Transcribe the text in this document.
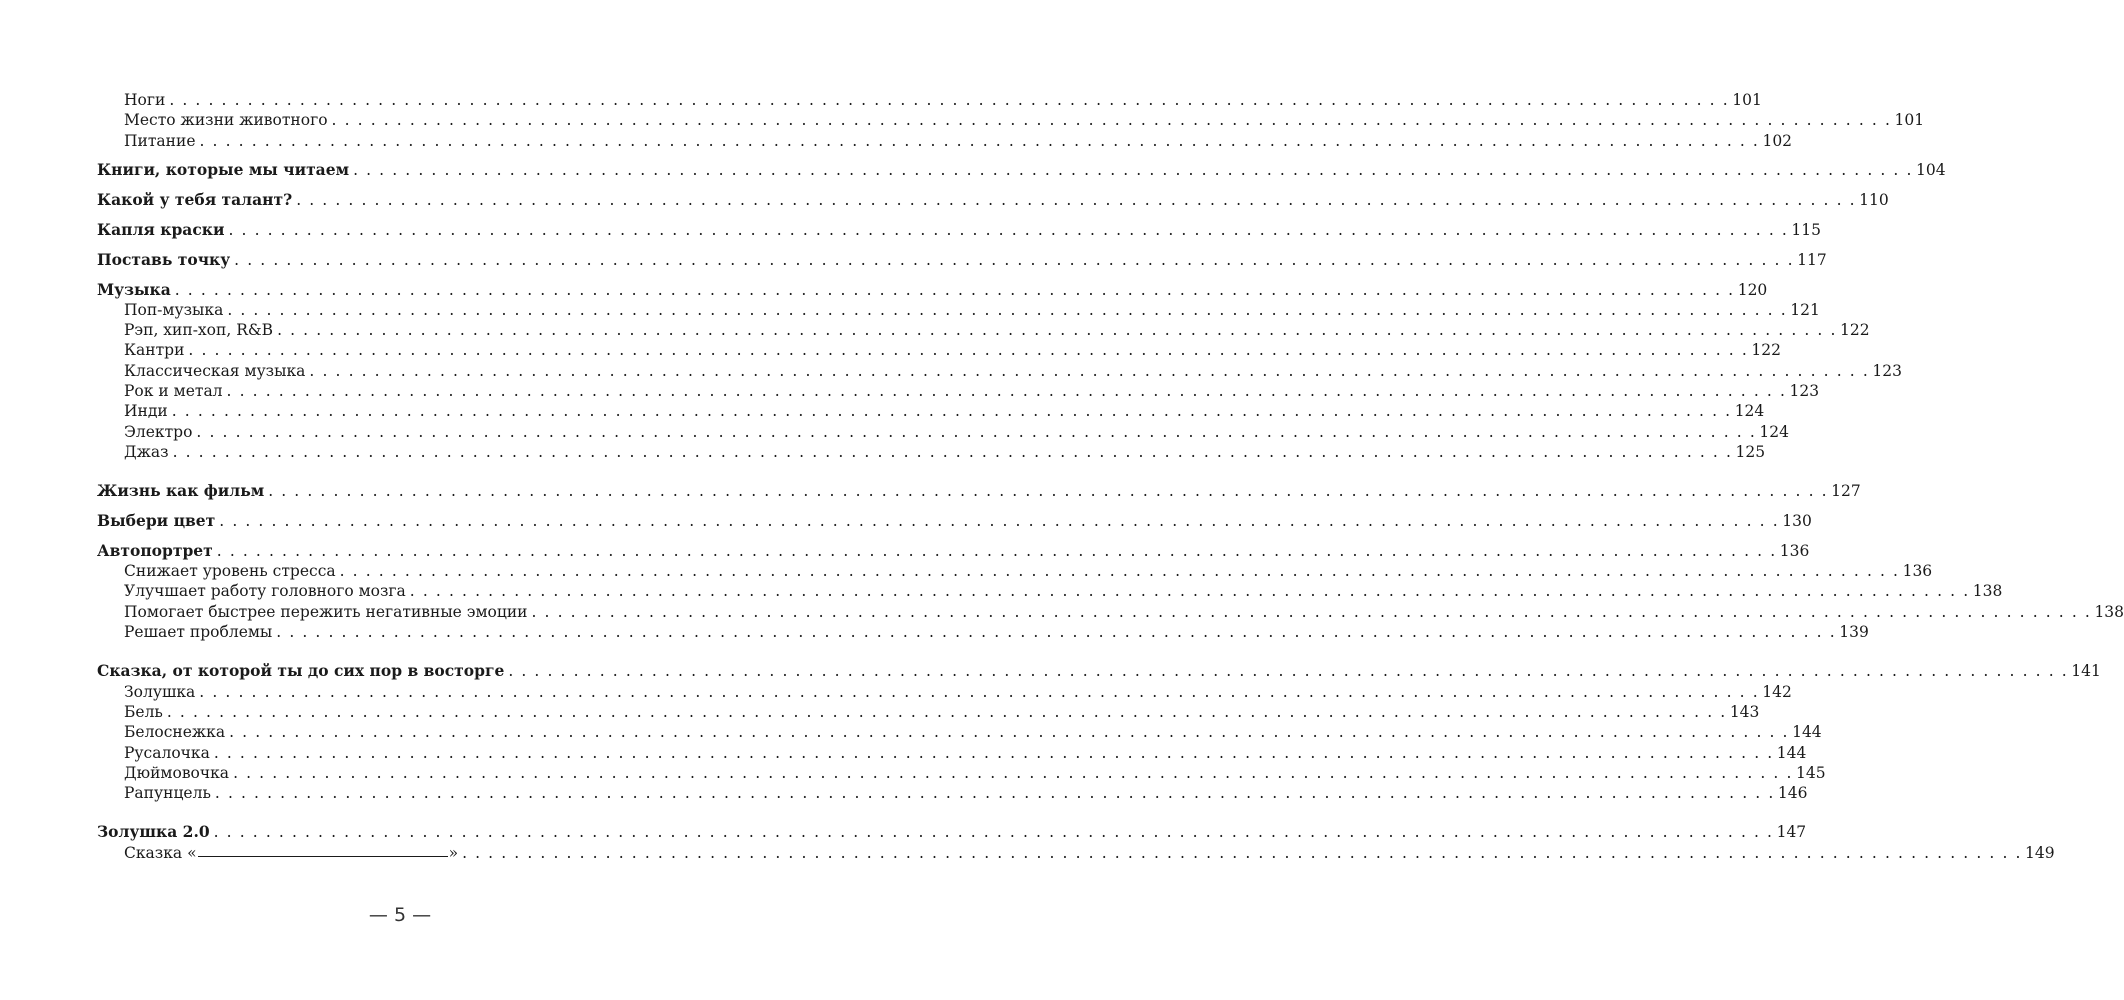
Ноги . . . . . . . . . . . . . . . . . . . . . . . . . . . . . . . . . . . . . . . . . . . . . . . . . . . . . . . . . . . . . . . . . . . . . . . . . . . . . . . . . . . . . . . . . . . . . . . . . . . . . . . . . . . . . . . . . . . . . . . . 101
Место жизни животного . . . . . . . . . . . . . . . . . . . . . . . . . . . . . . . . . . . . . . . . . . . . . . . . . . . . . . . . . . . . . . . . . . . . . . . . . . . . . . . . . . . . . . . . . . . . . . . . . . . . . . . . . . . . . . . . . . . . . . . . 101
Питание . . . . . . . . . . . . . . . . . . . . . . . . . . . . . . . . . . . . . . . . . . . . . . . . . . . . . . . . . . . . . . . . . . . . . . . . . . . . . . . . . . . . . . . . . . . . . . . . . . . . . . . . . . . . . . . . . . . . . . . . 102
Книги, которые мы читаем . . . . . . . . . . . . . . . . . . . . . . . . . . . . . . . . . . . . . . . . . . . . . . . . . . . . . . . . . . . . . . . . . . . . . . . . . . . . . . . . . . . . . . . . . . . . . . . . . . . . . . . . . . . . . . . . . . . . . . . . 104
Какой у тебя талант? . . . . . . . . . . . . . . . . . . . . . . . . . . . . . . . . . . . . . . . . . . . . . . . . . . . . . . . . . . . . . . . . . . . . . . . . . . . . . . . . . . . . . . . . . . . . . . . . . . . . . . . . . . . . . . . . . . . . . . . . 110
Капля краски . . . . . . . . . . . . . . . . . . . . . . . . . . . . . . . . . . . . . . . . . . . . . . . . . . . . . . . . . . . . . . . . . . . . . . . . . . . . . . . . . . . . . . . . . . . . . . . . . . . . . . . . . . . . . . . . . . . . . . . . 115
Поставь точку . . . . . . . . . . . . . . . . . . . . . . . . . . . . . . . . . . . . . . . . . . . . . . . . . . . . . . . . . . . . . . . . . . . . . . . . . . . . . . . . . . . . . . . . . . . . . . . . . . . . . . . . . . . . . . . . . . . . . . . . 117
Музыка . . . . . . . . . . . . . . . . . . . . . . . . . . . . . . . . . . . . . . . . . . . . . . . . . . . . . . . . . . . . . . . . . . . . . . . . . . . . . . . . . . . . . . . . . . . . . . . . . . . . . . . . . . . . . . . . . . . . . . . . 120
Поп-музыка . . . . . . . . . . . . . . . . . . . . . . . . . . . . . . . . . . . . . . . . . . . . . . . . . . . . . . . . . . . . . . . . . . . . . . . . . . . . . . . . . . . . . . . . . . . . . . . . . . . . . . . . . . . . . . . . . . . . . . . . 121
Рэп, хип-хоп, R&B . . . . . . . . . . . . . . . . . . . . . . . . . . . . . . . . . . . . . . . . . . . . . . . . . . . . . . . . . . . . . . . . . . . . . . . . . . . . . . . . . . . . . . . . . . . . . . . . . . . . . . . . . . . . . . . . . . . . . . . . 122
Кантри . . . . . . . . . . . . . . . . . . . . . . . . . . . . . . . . . . . . . . . . . . . . . . . . . . . . . . . . . . . . . . . . . . . . . . . . . . . . . . . . . . . . . . . . . . . . . . . . . . . . . . . . . . . . . . . . . . . . . . . . 122
Классическая музыка . . . . . . . . . . . . . . . . . . . . . . . . . . . . . . . . . . . . . . . . . . . . . . . . . . . . . . . . . . . . . . . . . . . . . . . . . . . . . . . . . . . . . . . . . . . . . . . . . . . . . . . . . . . . . . . . . . . . . . . . 123
Рок и метал . . . . . . . . . . . . . . . . . . . . . . . . . . . . . . . . . . . . . . . . . . . . . . . . . . . . . . . . . . . . . . . . . . . . . . . . . . . . . . . . . . . . . . . . . . . . . . . . . . . . . . . . . . . . . . . . . . . . . . . . 123
Инди . . . . . . . . . . . . . . . . . . . . . . . . . . . . . . . . . . . . . . . . . . . . . . . . . . . . . . . . . . . . . . . . . . . . . . . . . . . . . . . . . . . . . . . . . . . . . . . . . . . . . . . . . . . . . . . . . . . . . . . . 124
Электро . . . . . . . . . . . . . . . . . . . . . . . . . . . . . . . . . . . . . . . . . . . . . . . . . . . . . . . . . . . . . . . . . . . . . . . . . . . . . . . . . . . . . . . . . . . . . . . . . . . . . . . . . . . . . . . . . . . . . . . . 124
Джаз . . . . . . . . . . . . . . . . . . . . . . . . . . . . . . . . . . . . . . . . . . . . . . . . . . . . . . . . . . . . . . . . . . . . . . . . . . . . . . . . . . . . . . . . . . . . . . . . . . . . . . . . . . . . . . . . . . . . . . . . 125
Жизнь как фильм . . . . . . . . . . . . . . . . . . . . . . . . . . . . . . . . . . . . . . . . . . . . . . . . . . . . . . . . . . . . . . . . . . . . . . . . . . . . . . . . . . . . . . . . . . . . . . . . . . . . . . . . . . . . . . . . . . . . . . . . 127
Выбери цвет . . . . . . . . . . . . . . . . . . . . . . . . . . . . . . . . . . . . . . . . . . . . . . . . . . . . . . . . . . . . . . . . . . . . . . . . . . . . . . . . . . . . . . . . . . . . . . . . . . . . . . . . . . . . . . . . . . . . . . . . 130
Автопортрет . . . . . . . . . . . . . . . . . . . . . . . . . . . . . . . . . . . . . . . . . . . . . . . . . . . . . . . . . . . . . . . . . . . . . . . . . . . . . . . . . . . . . . . . . . . . . . . . . . . . . . . . . . . . . . . . . . . . . . . . 136
Снижает уровень стресса . . . . . . . . . . . . . . . . . . . . . . . . . . . . . . . . . . . . . . . . . . . . . . . . . . . . . . . . . . . . . . . . . . . . . . . . . . . . . . . . . . . . . . . . . . . . . . . . . . . . . . . . . . . . . . . . . . . . . . . . 136
Улучшает работу головного мозга . . . . . . . . . . . . . . . . . . . . . . . . . . . . . . . . . . . . . . . . . . . . . . . . . . . . . . . . . . . . . . . . . . . . . . . . . . . . . . . . . . . . . . . . . . . . . . . . . . . . . . . . . . . . . . . . . . . . . . . . 138
Помогает быстрее пережить негативные эмоции . . . . . . . . . . . . . . . . . . . . . . . . . . . . . . . . . . . . . . . . . . . . . . . . . . . . . . . . . . . . . . . . . . . . . . . . . . . . . . . . . . . . . . . . . . . . . . . . . . . . . . . . . . . . . . . . . . . . . . . . 138
Решает проблемы . . . . . . . . . . . . . . . . . . . . . . . . . . . . . . . . . . . . . . . . . . . . . . . . . . . . . . . . . . . . . . . . . . . . . . . . . . . . . . . . . . . . . . . . . . . . . . . . . . . . . . . . . . . . . . . . . . . . . . . . 139
Сказка, от которой ты до сих пор в восторге . . . . . . . . . . . . . . . . . . . . . . . . . . . . . . . . . . . . . . . . . . . . . . . . . . . . . . . . . . . . . . . . . . . . . . . . . . . . . . . . . . . . . . . . . . . . . . . . . . . . . . . . . . . . . . . . . . . . . . . . 141
Золушка . . . . . . . . . . . . . . . . . . . . . . . . . . . . . . . . . . . . . . . . . . . . . . . . . . . . . . . . . . . . . . . . . . . . . . . . . . . . . . . . . . . . . . . . . . . . . . . . . . . . . . . . . . . . . . . . . . . . . . . . 142
Бель . . . . . . . . . . . . . . . . . . . . . . . . . . . . . . . . . . . . . . . . . . . . . . . . . . . . . . . . . . . . . . . . . . . . . . . . . . . . . . . . . . . . . . . . . . . . . . . . . . . . . . . . . . . . . . . . . . . . . . . . 143
Белоснежка . . . . . . . . . . . . . . . . . . . . . . . . . . . . . . . . . . . . . . . . . . . . . . . . . . . . . . . . . . . . . . . . . . . . . . . . . . . . . . . . . . . . . . . . . . . . . . . . . . . . . . . . . . . . . . . . . . . . . . . . 144
Русалочка . . . . . . . . . . . . . . . . . . . . . . . . . . . . . . . . . . . . . . . . . . . . . . . . . . . . . . . . . . . . . . . . . . . . . . . . . . . . . . . . . . . . . . . . . . . . . . . . . . . . . . . . . . . . . . . . . . . . . . . . 144
Дюймовочка . . . . . . . . . . . . . . . . . . . . . . . . . . . . . . . . . . . . . . . . . . . . . . . . . . . . . . . . . . . . . . . . . . . . . . . . . . . . . . . . . . . . . . . . . . . . . . . . . . . . . . . . . . . . . . . . . . . . . . . . 145
Рапунцель . . . . . . . . . . . . . . . . . . . . . . . . . . . . . . . . . . . . . . . . . . . . . . . . . . . . . . . . . . . . . . . . . . . . . . . . . . . . . . . . . . . . . . . . . . . . . . . . . . . . . . . . . . . . . . . . . . . . . . . . 146
Золушка 2.0 . . . . . . . . . . . . . . . . . . . . . . . . . . . . . . . . . . . . . . . . . . . . . . . . . . . . . . . . . . . . . . . . . . . . . . . . . . . . . . . . . . . . . . . . . . . . . . . . . . . . . . . . . . . . . . . . . . . . . . . . 147
Сказка «	» . . . . . . . . . . . . . . . . . . . . . . . . . . . . . . . . . . . . . . . . . . . . . . . . . . . . . . . . . . . . . . . . . . . . . . . . . . . . . . . . . . . . . . . . . . . . . . . . . . . . . . . . . . . . . . . . . . . . . . . . 149
— 5 —
